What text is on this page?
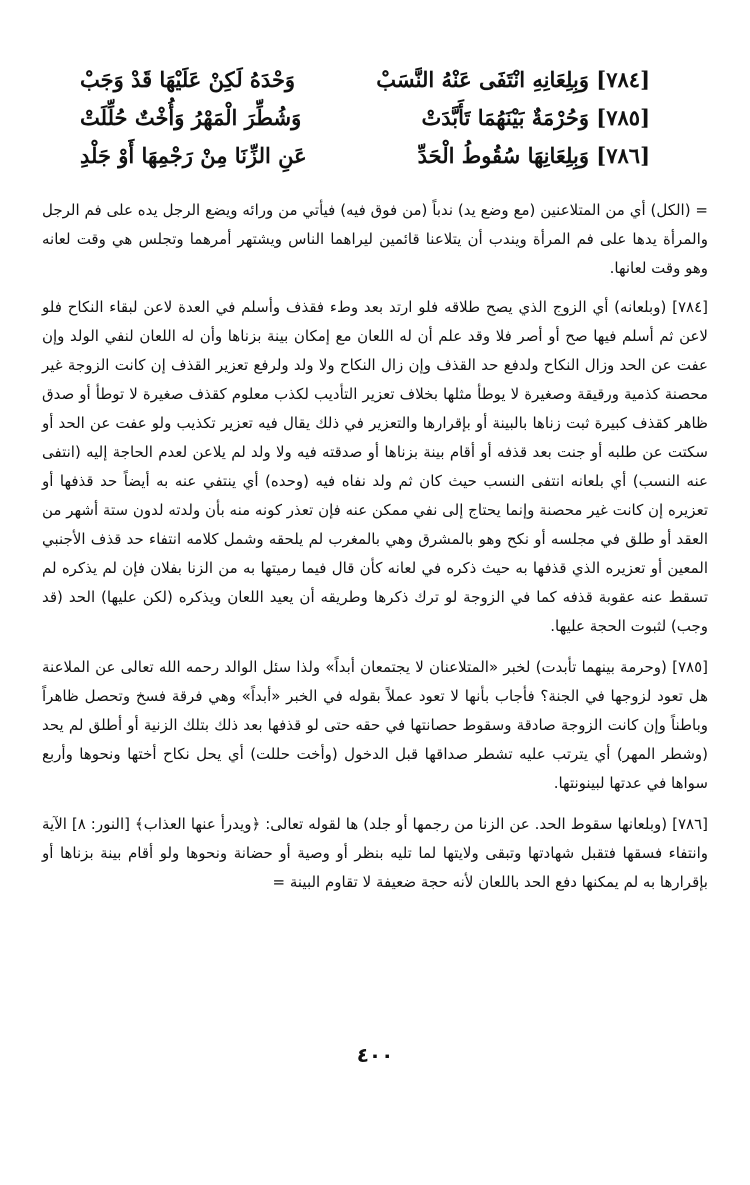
[٧٨٤] وَبِلِعَانِهِ انْتَفَى عَنْهُ النَّسَبْ
وَحْدَهُ لَكِنْ عَلَيْهَا قَدْ وَجَبْ
[٧٨٥] وَحُرْمَةٌ بَيْنَهُمَا تَأَبَّدَتْ
وَشُطِّرَ الْمَهْرُ وَأُخْتٌ حُلِّلَتْ
[٧٨٦] وَبِلِعَانِهَا سُقُوطُ الْحَدِّ
عَنِ الزِّنَا مِنْ رَجْمِهَا أَوْ جَلْدِ

= (الكل) أي من المتلاعنين (مع وضع يد) ندباً (من فوق فيه) فيأتي من ورائه ويضع الرجل يده على فم الرجل والمرأة يدها على فم المرأة ويندب أن يتلاعنا قائمين ليراهما الناس ويشتهر أمرهما وتجلس هي وقت لعانه وهو وقت لعانها.

[٧٨٤] (وبلعانه) أي الزوج الذي يصح طلاقه فلو ارتد بعد وطء فقذف وأسلم في العدة لاعن لبقاء النكاح فلو لاعن ثم أسلم فيها صح أو أصر فلا وقد علم أن له اللعان مع إمكان بينة بزناها وأن له اللعان لنفي الولد وإن عفت عن الحد وزال النكاح ولدفع حد القذف وإن زال النكاح ولا ولد ولرفع تعزير القذف إن كانت الزوجة غير محصنة كذمية ورقيقة وصغيرة لا يوطأ مثلها بخلاف تعزير التأديب لكذب معلوم كقذف صغيرة لا توطأ أو صدق ظاهر كقذف كبيرة ثبت زناها بالبينة أو بإقرارها والتعزير في ذلك يقال فيه تعزير تكذيب ولو عفت عن الحد أو سكتت عن طلبه أو جنت بعد قذفه أو أقام بينة بزناها أو صدقته فيه ولا ولد لم يلاعن لعدم الحاجة إليه (انتفى عنه النسب) أي بلعانه انتفى النسب حيث كان ثم ولد نفاه فيه (وحده) أي ينتفي عنه به أيضاً حد قذفها أو تعزيره إن كانت غير محصنة وإنما يحتاج إلى نفي ممكن عنه فإن تعذر كونه منه بأن ولدته لدون ستة أشهر من العقد أو طلق في مجلسه أو نكح وهو بالمشرق وهي بالمغرب لم يلحقه وشمل كلامه انتفاء حد قذف الأجنبي المعين أو تعزيره الذي قذفها به حيث ذكره في لعانه كأن قال فيما رميتها به من الزنا بفلان فإن لم يذكره لم تسقط عنه عقوبة قذفه كما في الزوجة لو ترك ذكرها وطريقه أن يعيد اللعان ويذكره (لكن عليها) الحد (قد وجب) لثبوت الحجة عليها.

[٧٨٥] (وحرمة بينهما تأبدت) لخبر «المتلاعنان لا يجتمعان أبداً» ولذا سئل الوالد رحمه الله تعالى عن الملاعنة هل تعود لزوجها في الجنة؟ فأجاب بأنها لا تعود عملاً بقوله في الخبر «أبداً» وهي فرقة فسخ وتحصل ظاهراً وباطناً وإن كانت الزوجة صادقة وسقوط حصانتها في حقه حتى لو قذفها بعد ذلك بتلك الزنية أو أطلق لم يحد (وشطر المهر) أي يترتب عليه تشطر صداقها قبل الدخول (وأخت حللت) أي يحل نكاح أختها ونحوها وأربع سواها في عدتها لبينونتها.

[٧٨٦] (وبلعانها سقوط الحد. عن الزنا من رجمها أو جلد) ها لقوله تعالى: ﴿ويدرأ عنها العذاب﴾ [النور: ٨] الآية وانتفاء فسقها فتقبل شهادتها وتبقى ولايتها لما تليه بنظر أو وصية أو حضانة ونحوها ولو أقام بينة بزناها أو بإقرارها به لم يمكنها دفع الحد باللعان لأنه حجة ضعيفة لا تقاوم البينة =

٤٠٠
